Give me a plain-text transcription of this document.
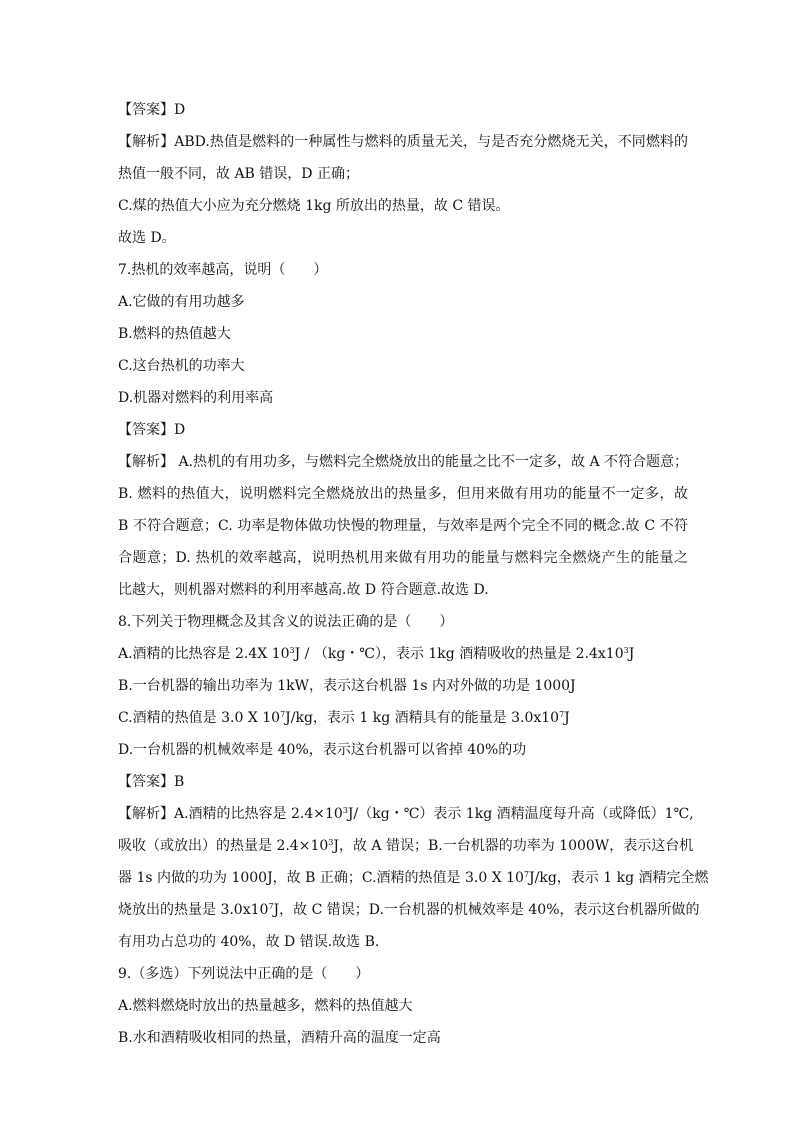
【答案】D
【解析】ABD.热值是燃料的一种属性与燃料的质量无关，与是否充分燃烧无关，不同燃料的
热值一般不同，故 AB 错误，D 正确；
C.煤的热值大小应为充分燃烧 1kg 所放出的热量，故 C 错误。
故选 D。
7.热机的效率越高，说明（　　）
A.它做的有用功越多
B.燃料的热值越大
C.这台热机的功率大
D.机器对燃料的利用率高
【答案】D
【解析】 A.热机的有用功多，与燃料完全燃烧放出的能量之比不一定多，故 A 不符合题意；
B. 燃料的热值大，说明燃料完全燃烧放出的热量多，但用来做有用功的能量不一定多，故
B 不符合题意；C. 功率是物体做功快慢的物理量，与效率是两个完全不同的概念.故 C 不符
合题意；D. 热机的效率越高，说明热机用来做有用功的能量与燃料完全燃烧产生的能量之
比越大，则机器对燃料的利用率越高.故 D 符合题意.故选 D.
8.下列关于物理概念及其含义的说法正确的是（　　）
A.酒精的比热容是 2.4X $10^3J / (kg$・℃），表示 1kg 酒精吸收的热量是 $2.4x10^3J$
B.一台机器的输出功率为 1kW，表示这台机器 1s 内对外做的功是 1000J
C.酒精的热值是 3.0 X $10^7J/kg$，表示 1 kg 酒精具有的能量是 $3.0x10^7J$
D.一台机器的机械效率是 40%，表示这台机器可以省掉 40%的功
【答案】B
【解析】A.酒精的比热容是 $2.4\times 10^3J/(kg$・℃）表示 1kg 酒精温度每升高（或降低）1℃,
吸收（或放出）的热量是 $2.4\times 10^3J$，故 A 错误；B.一台机器的功率为 1000W，表示这台机
器 1s 内做的功为 1000J，故 B 正确；C.酒精的热值是 3.0 X $10^7J/kg$，表示 1 kg 酒精完全燃
烧放出的热量是 $3.0x10^7J$，故 C 错误；D.一台机器的机械效率是 40%，表示这台机器所做的
有用功占总功的 40%，故 D 错误.故选 B.
9.（多选）下列说法中正确的是（　　）
A.燃料燃烧时放出的热量越多，燃料的热值越大
B.水和酒精吸收相同的热量，酒精升高的温度一定高
